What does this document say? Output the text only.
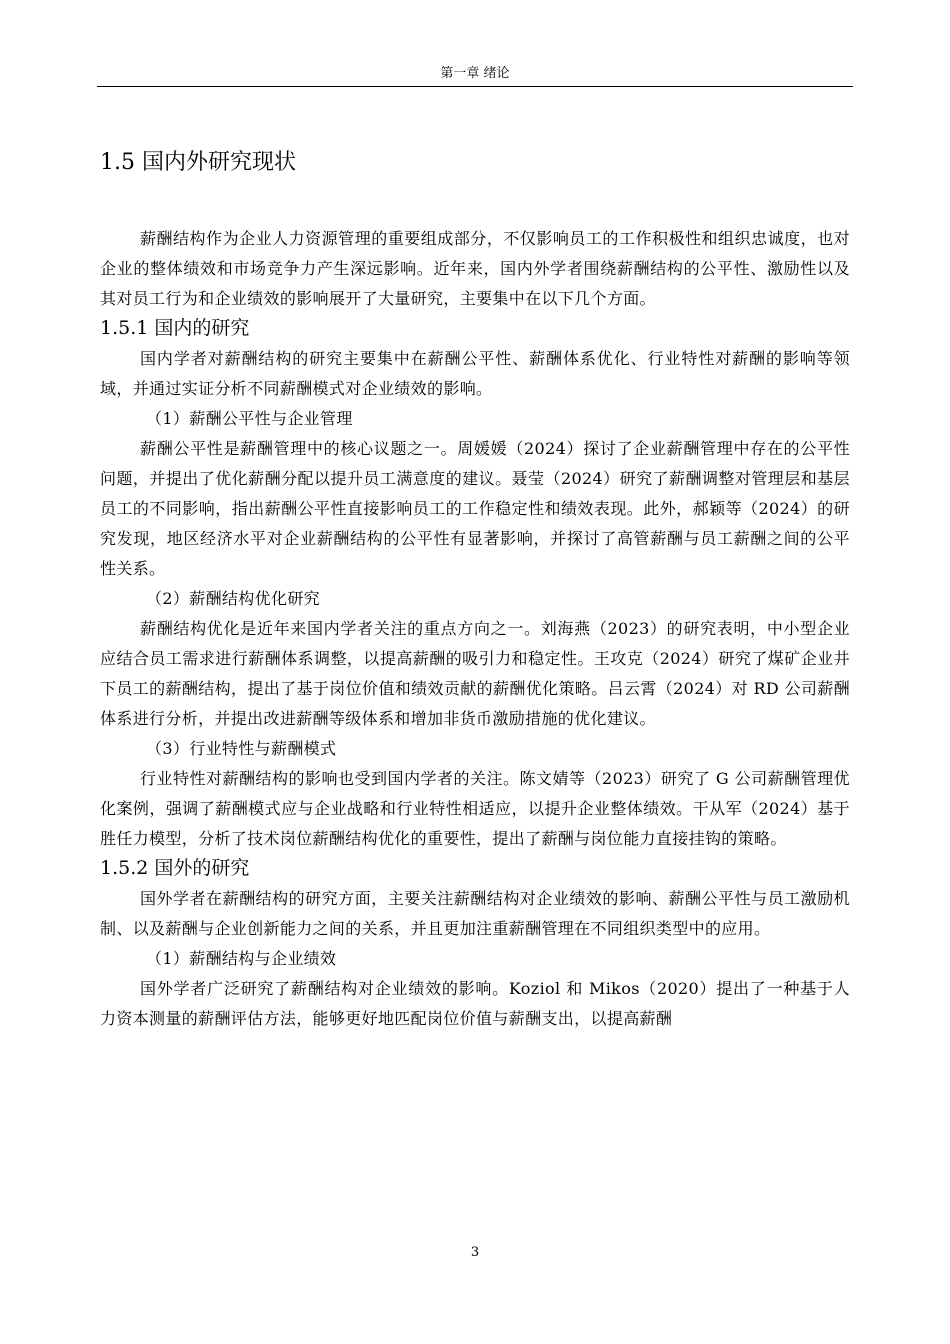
第一章 绪论
1.5 国内外研究现状

薪酬结构作为企业人力资源管理的重要组成部分，不仅影响员工的工作积极性和组织忠诚度，也对企业的整体绩效和市场竞争力产生深远影响。近年来，国内外学者围绕薪酬结构的公平性、激励性以及其对员工行为和企业绩效的影响展开了大量研究，主要集中在以下几个方面。

1.5.1 国内的研究

国内学者对薪酬结构的研究主要集中在薪酬公平性、薪酬体系优化、行业特性对薪酬的影响等领域，并通过实证分析不同薪酬模式对企业绩效的影响。

（1）薪酬公平性与企业管理

薪酬公平性是薪酬管理中的核心议题之一。周媛媛（2024）探讨了企业薪酬管理中存在的公平性问题，并提出了优化薪酬分配以提升员工满意度的建议。聂莹（2024）研究了薪酬调整对管理层和基层员工的不同影响，指出薪酬公平性直接影响员工的工作稳定性和绩效表现。此外，郝颖等（2024）的研究发现，地区经济水平对企业薪酬结构的公平性有显著影响，并探讨了高管薪酬与员工薪酬之间的公平性关系。

（2）薪酬结构优化研究

薪酬结构优化是近年来国内学者关注的重点方向之一。刘海燕（2023）的研究表明，中小型企业应结合员工需求进行薪酬体系调整，以提高薪酬的吸引力和稳定性。王攻克（2024）研究了煤矿企业井下员工的薪酬结构，提出了基于岗位价值和绩效贡献的薪酬优化策略。吕云霄（2024）对 RD 公司薪酬体系进行分析，并提出改进薪酬等级体系和增加非货币激励措施的优化建议。

（3）行业特性与薪酬模式

行业特性对薪酬结构的影响也受到国内学者的关注。陈文婧等（2023）研究了 G 公司薪酬管理优化案例，强调了薪酬模式应与企业战略和行业特性相适应，以提升企业整体绩效。干从军（2024）基于胜任力模型，分析了技术岗位薪酬结构优化的重要性，提出了薪酬与岗位能力直接挂钩的策略。

1.5.2 国外的研究

国外学者在薪酬结构的研究方面，主要关注薪酬结构对企业绩效的影响、薪酬公平性与员工激励机制、以及薪酬与企业创新能力之间的关系，并且更加注重薪酬管理在不同组织类型中的应用。

（1）薪酬结构与企业绩效

国外学者广泛研究了薪酬结构对企业绩效的影响。Koziol 和 Mikos（2020）提出了一种基于人力资本测量的薪酬评估方法，能够更好地匹配岗位价值与薪酬支出，以提高薪酬

3
